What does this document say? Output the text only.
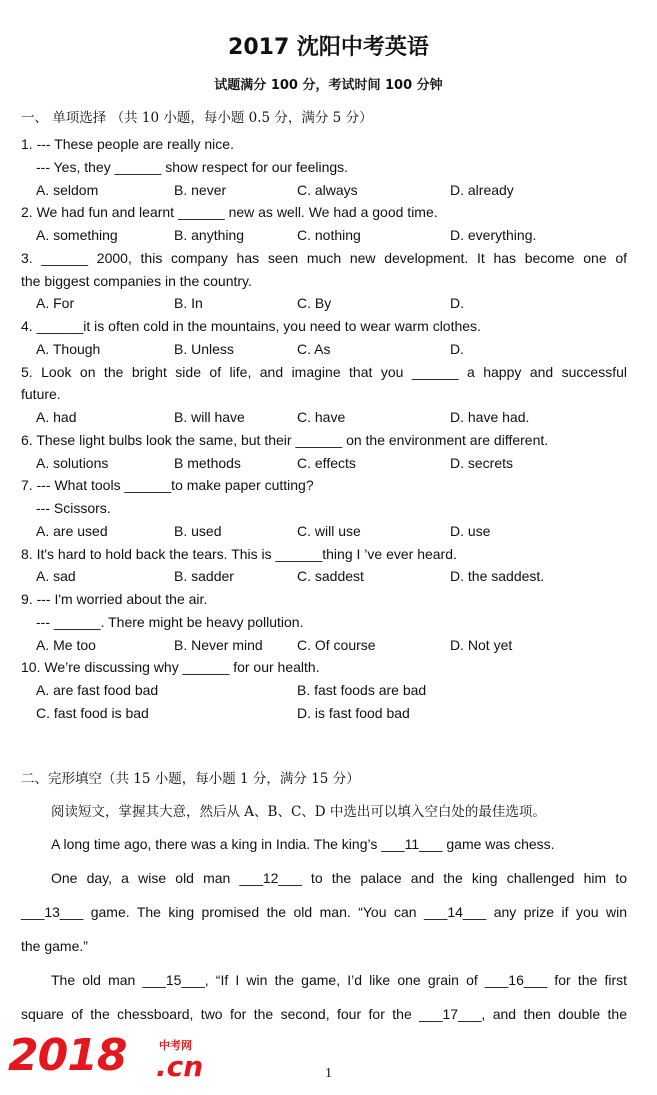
2017 沈阳中考英语
试题满分 100 分，考试时间 100 分钟
一、 单项选择 （共 10 小题，每小题 0.5 分，满分 5 分）
1. --- These people are really nice.
--- Yes, they ______ show respect for our feelings.
A. seldom	B. never	C. always	D. already
2. We had fun and learnt ______ new as well. We had a good time.
A. something	B. anything	C. nothing	D. everything.
3. ______ 2000, this company has seen much new development. It has become one of
the biggest companies in the country.
A. For	B. In	C. By	D.
4. ______it is often cold in the mountains, you need to wear warm clothes.
A. Though	B. Unless	C. As	D.
5. Look on the bright side of life, and imagine that you ______ a happy and successful
future.
A. had	B. will have	C. have	D. have had.
6. These light bulbs look the same, but their ______ on the environment are different.
A. solutions	B methods	C. effects	D. secrets
7. --- What tools ______to make paper cutting?
--- Scissors.
A. are used	B. used	C. will use	D. use
8. It's hard to hold back the tears. This is ______thing I ’ve ever heard.
A. sad	B. sadder	C. saddest	D. the saddest.
9. --- I'm worried about the air.
--- ______. There might be heavy pollution.
A. Me too	B. Never mind C. Of course	D. Not yet
10. We’re discussing why ______ for our health.
A. are fast food bad	B. fast foods are bad
C. fast food is bad	D. is fast food bad
二、完形填空（共 15 小题，每小题 1 分，满分 15 分）
阅读短文，掌握其大意，然后从 A、B、C、D 中选出可以填入空白处的最佳选项。
A long time ago, there was a king in India. The king’s ___11___ game was chess.
One day, a wise old man ___12___ to the palace and the king challenged him to
___13___ game. The king promised the old man. “You can ___14___ any prize if you win
the game.”
The old man ___15___, “If I win the game, I’d like one grain of ___16___ for the first
square of the chessboard, two for the second, four for the ___17___, and then double the
2018	中考网
.cn	1
